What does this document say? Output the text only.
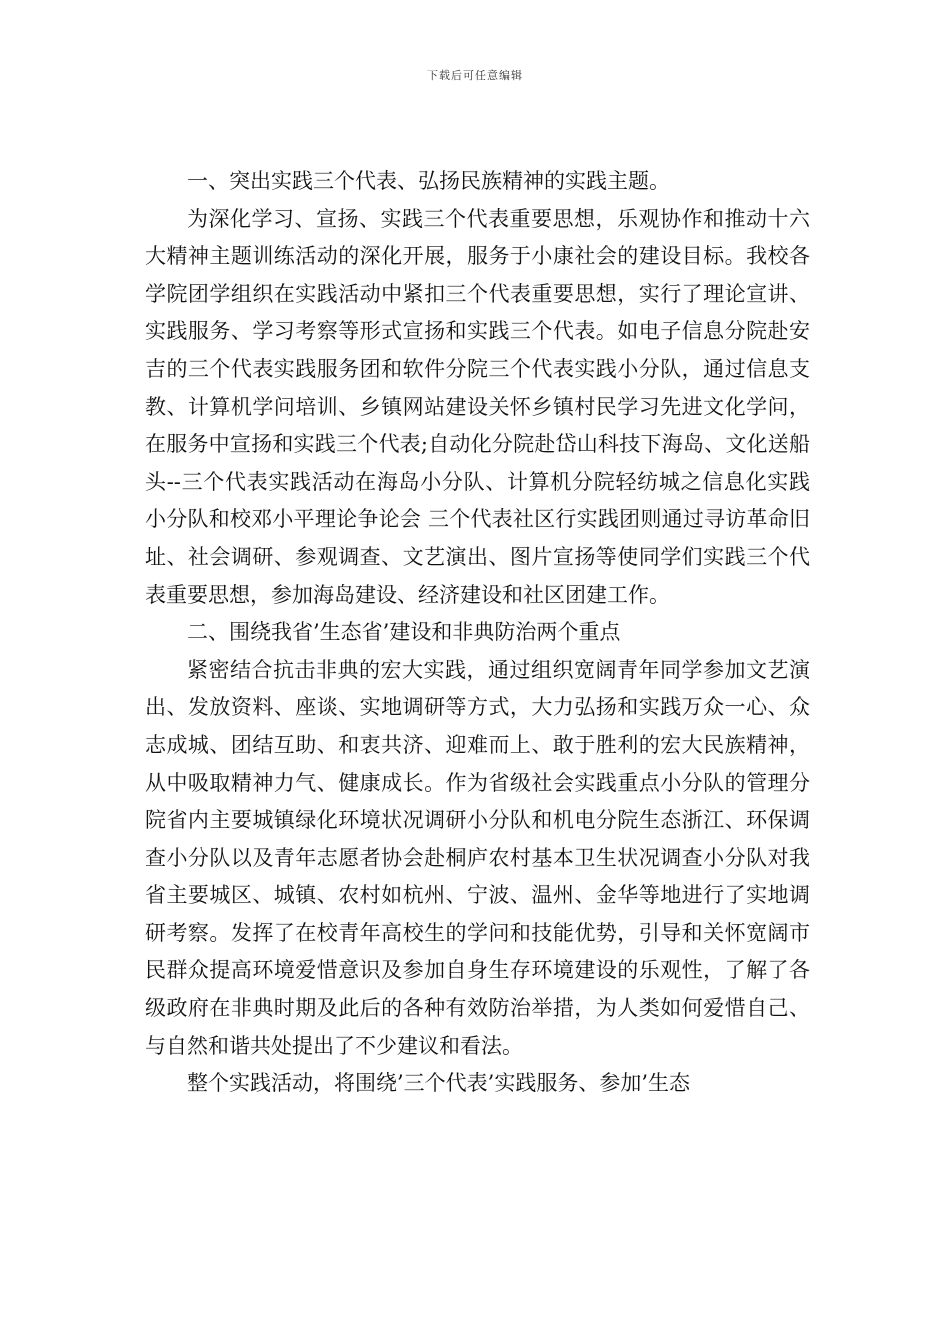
下载后可任意编辑

一、突出实践三个代表、弘扬民族精神的实践主题。

为深化学习、宣扬、实践三个代表重要思想，乐观协作和推动十六大精神主题训练活动的深化开展，服务于小康社会的建设目标。我校各学院团学组织在实践活动中紧扣三个代表重要思想，实行了理论宣讲、实践服务、学习考察等形式宣扬和实践三个代表。如电子信息分院赴安吉的三个代表实践服务团和软件分院三个代表实践小分队，通过信息支教、计算机学问培训、乡镇网站建设关怀乡镇村民学习先进文化学问，在服务中宣扬和实践三个代表;自动化分院赴岱山科技下海岛、文化送船头--三个代表实践活动在海岛小分队、计算机分院轻纺城之信息化实践小分队和校邓小平理论争论会 三个代表社区行实践团则通过寻访革命旧址、社会调研、参观调查、文艺演出、图片宣扬等使同学们实践三个代表重要思想，参加海岛建设、经济建设和社区团建工作。

二、围绕我省’生态省’建设和非典防治两个重点

紧密结合抗击非典的宏大实践，通过组织宽阔青年同学参加文艺演出、发放资料、座谈、实地调研等方式，大力弘扬和实践万众一心、众志成城、团结互助、和衷共济、迎难而上、敢于胜利的宏大民族精神，从中吸取精神力气、健康成长。作为省级社会实践重点小分队的管理分院省内主要城镇绿化环境状况调研小分队和机电分院生态浙江、环保调查小分队以及青年志愿者协会赴桐庐农村基本卫生状况调查小分队对我省主要城区、城镇、农村如杭州、宁波、温州、金华等地进行了实地调研考察。发挥了在校青年高校生的学问和技能优势，引导和关怀宽阔市民群众提高环境爱惜意识及参加自身生存环境建设的乐观性，了解了各级政府在非典时期及此后的各种有效防治举措，为人类如何爱惜自己、与自然和谐共处提出了不少建议和看法。

整个实践活动，将围绕’三个代表’实践服务、参加’生态
